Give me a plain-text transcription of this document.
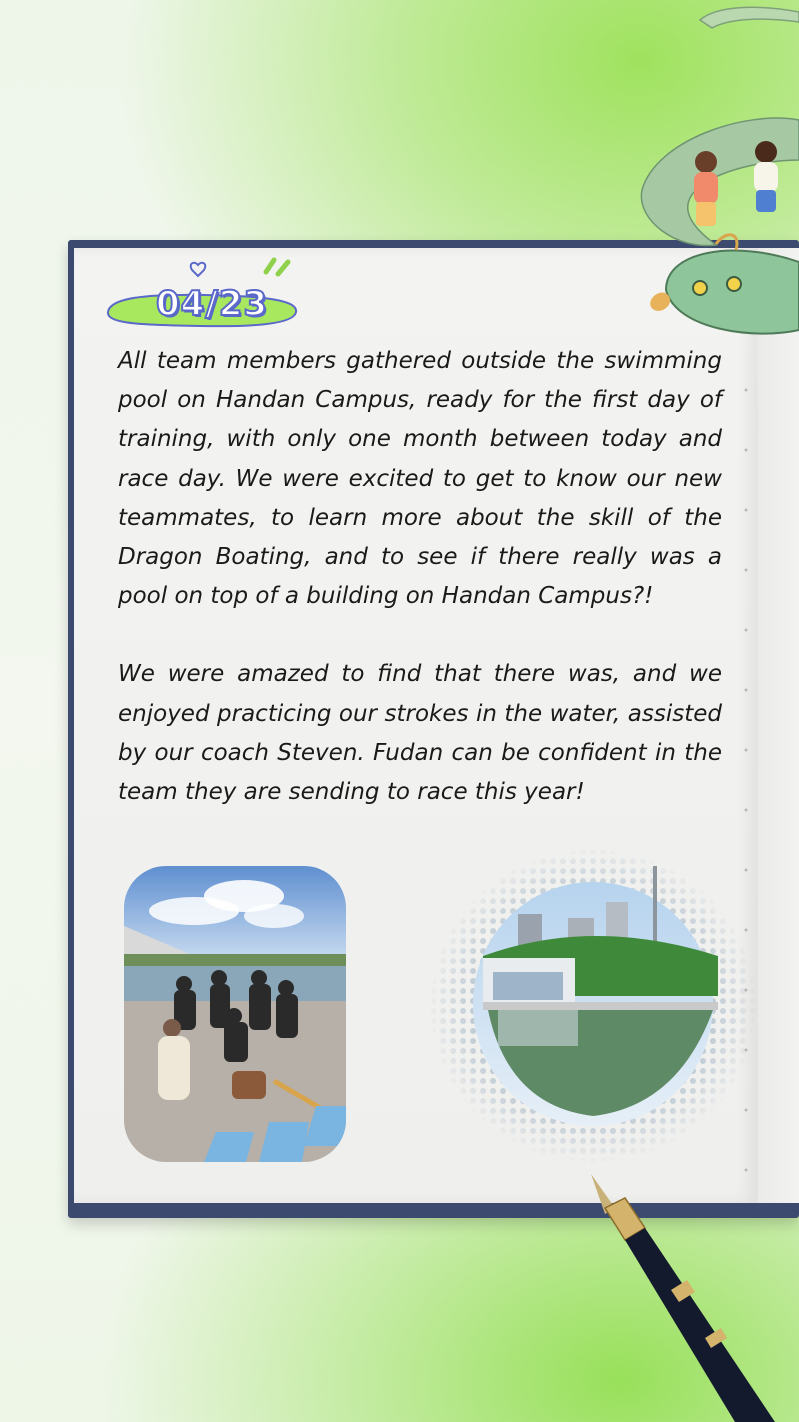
04/23

All team members gathered outside the swimming pool on Handan Campus, ready for the first day of training, with only one month between today and race day. We were excited to get to know our new teammates, to learn more about the skill of the Dragon Boating, and to see if there really was a pool on top of a building on Handan Campus?!

We were amazed to find that there was, and we enjoyed practicing our strokes in the water, assisted by our coach Steven. Fudan can be confident in the team they are sending to race this year!
